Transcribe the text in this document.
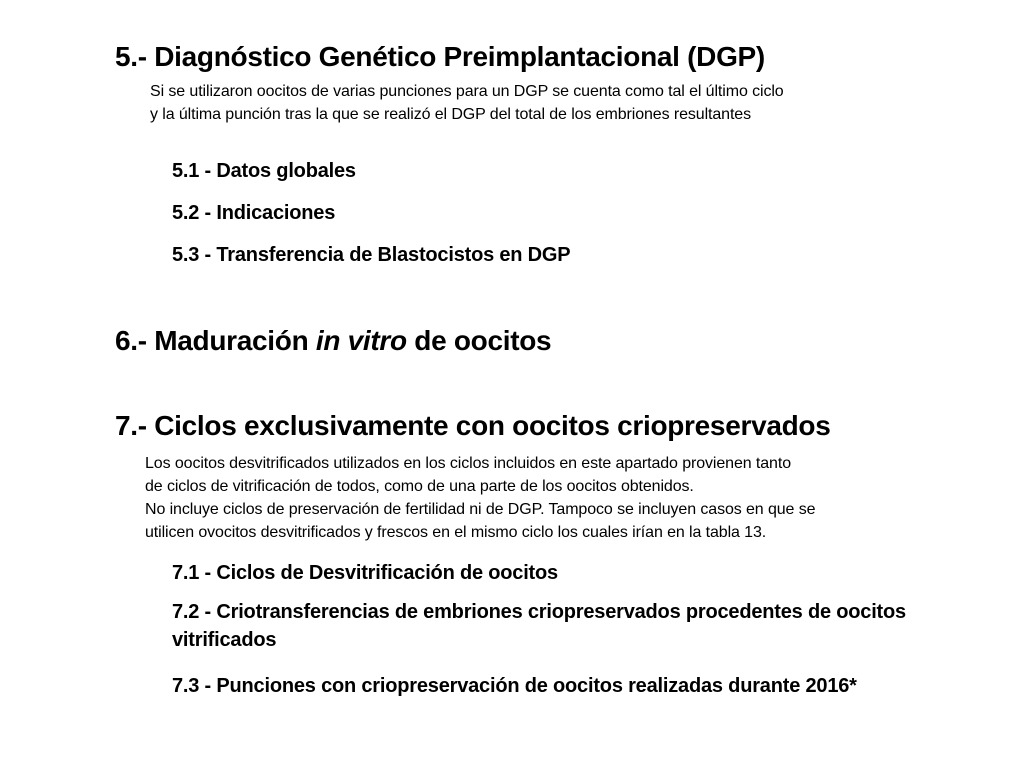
5.- Diagnóstico Genético Preimplantacional (DGP)
Si se utilizaron oocitos de varias punciones para un DGP se cuenta como tal el último ciclo
y la última punción tras la que se realizó el DGP del total de los embriones resultantes
5.1 - Datos globales
5.2 - Indicaciones
5.3 - Transferencia de Blastocistos en DGP
6.- Maduración in vitro de oocitos
7.- Ciclos exclusivamente con oocitos criopreservados
Los oocitos desvitrificados utilizados en los ciclos incluidos en este apartado provienen tanto
de ciclos de vitrificación de todos, como de una parte de los oocitos obtenidos.
No incluye ciclos de preservación de fertilidad ni de DGP. Tampoco se incluyen casos en que se
utilicen ovocitos desvitrificados y frescos en el mismo ciclo los cuales irían en la tabla 13.
7.1 - Ciclos de Desvitrificación de oocitos
7.2 - Criotransferencias de embriones criopreservados procedentes de oocitos vitrificados
7.3 - Punciones con criopreservación de oocitos realizadas durante 2016*
